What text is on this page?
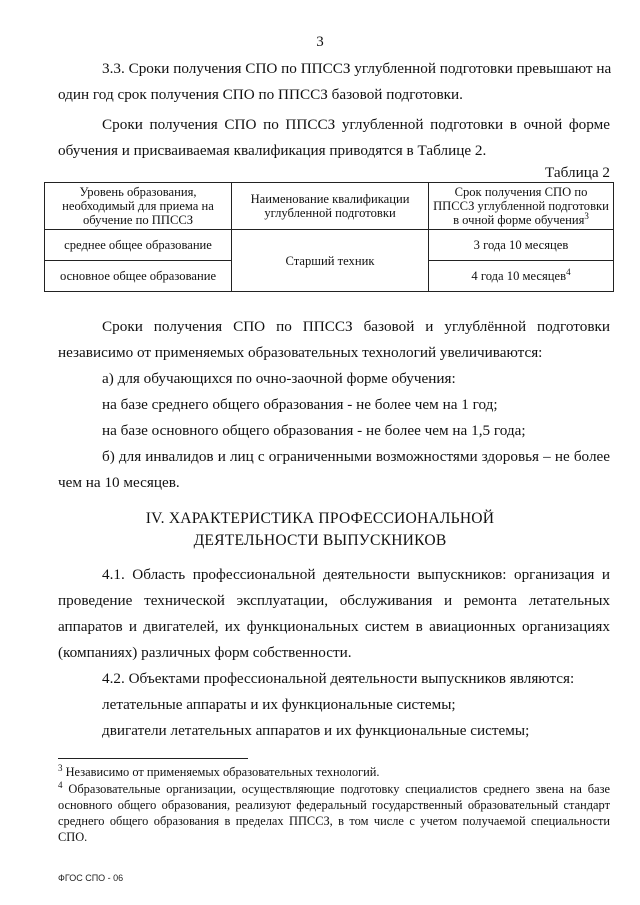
3
3.3. Сроки получения СПО по ППССЗ углубленной подготовки превышают на
один год срок получения СПО по ППССЗ базовой подготовки.
Сроки получения СПО по ППССЗ углубленной подготовки в очной форме
обучения и присваиваемая квалификация приводятся в Таблице 2.
Таблица 2
Уровень образования, необходимый для приема на обучение по ППССЗ	Наименование квалификации углубленной подготовки	Срок получения СПО по ППССЗ углубленной подготовки в очной форме обучения$^3$
среднее общее образование	Старший техник	3 года 10 месяцев
основное общее образование		4 года 10 месяцев$^4$
Сроки получения СПО по ППССЗ базовой и углублённой подготовки
независимо от применяемых образовательных технологий увеличиваются:
а) для обучающихся по очно-заочной форме обучения:
на базе среднего общего образования - не более чем на 1 год;
на базе основного общего образования - не более чем на 1,5 года;
б) для инвалидов и лиц с ограниченными возможностями здоровья – не более
чем на 10 месяцев.
IV. ХАРАКТЕРИСТИКА ПРОФЕССИОНАЛЬНОЙ
ДЕЯТЕЛЬНОСТИ ВЫПУСКНИКОВ
4.1. Область профессиональной деятельности выпускников: организация и
проведение технической эксплуатации, обслуживания и ремонта летательных
аппаратов и двигателей, их функциональных систем в авиационных организациях
(компаниях) различных форм собственности.
4.2. Объектами профессиональной деятельности выпускников являются:
летательные аппараты и их функциональные системы;
двигатели летательных аппаратов и их функциональные системы;
$^3$ Независимо от применяемых образовательных технологий.
$^4$ Образовательные организации, осуществляющие подготовку специалистов среднего звена на базе основного общего образования, реализуют федеральный государственный образовательный стандарт среднего общего образования в пределах ППССЗ, в том числе с учетом получаемой специальности СПО.
ФГОС СПО - 06
